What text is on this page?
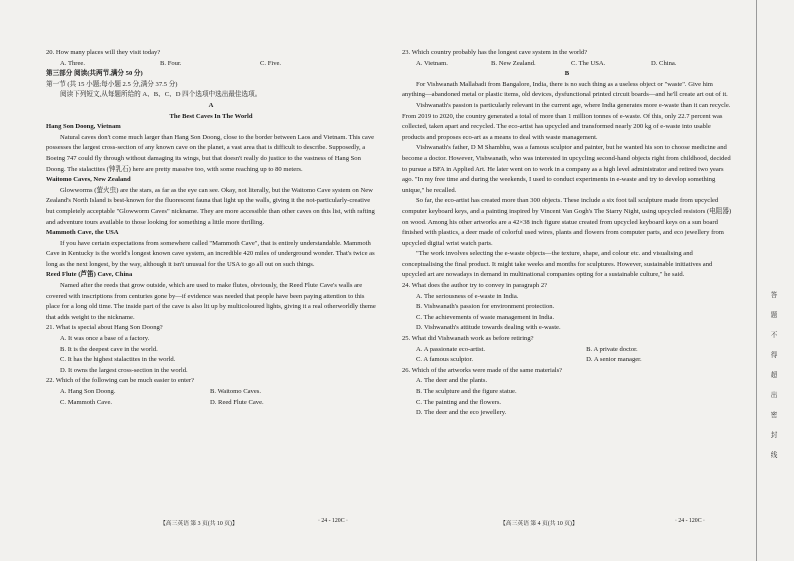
20. How many places will they visit today?

A. Three.	B. Four.	C. Five.

第三部分 阅读(共两节,满分 50 分)

第一节 (共 15 小题;每小题 2.5 分,满分 37.5 分)

阅读下列短文,从每题所给的 A、B、C、D 四个选项中选出最佳选项。

A

The Best Caves In The World

Hang Son Doong, Vietnam

Natural caves don't come much larger than Hang Son Doong, close to the border between Laos and Vietnam. This cave possesses the largest cross-section of any known cave on the planet, a vast area that is difficult to describe. Supposedly, a Boeing 747 could fly through without damaging its wings, but that doesn't really do justice to the vastness of Hang Son Doong. The stalactites (钟乳石) here are pretty massive too, with some reaching up to 80 meters.

Waitomo Caves, New Zealand

Glowworms (萤火虫) are the stars, as far as the eye can see. Okay, not literally, but the Waitomo Cave system on New Zealand's North Island is best-known for the fluorescent fauna that light up the walls, giving it the not-particularly-creative but completely acceptable "Glowworm Caves" nickname. They are more accessible than other caves on this list, with rafting and adventure tours available to those looking for something a little more thrilling.

Mammoth Cave, the USA

If you have certain expectations from somewhere called "Mammoth Cave", that is entirely understandable. Mammoth Cave in Kentucky is the world's longest known cave system, an incredible 420 miles of underground wonder. That's twice as long as the next longest, by the way, although it isn't unusual for the USA to go all out on such things.

Reed Flute (芦笛) Cave, China

Named after the reeds that grow outside, which are used to make flutes, obviously, the Reed Flute Cave's walls are covered with inscriptions from centuries gone by—if evidence was needed that people have been paying attention to this place for a long old time. The inside part of the cave is also lit up by multicoloured lights, giving it a real otherworldly theme that adds weight to the nickname.

21. What is special about Hang Son Doong?

A. It was once a base of a factory.

B. It is the deepest cave in the world.

C. It has the highest stalactites in the world.

D. It owns the largest cross-section in the world.

22. Which of the following can be much easier to enter?

A. Hang Son Doong.	B. Waitomo Caves.
C. Mammoth Cave.	D. Reed Flute Cave.

23. Which country probably has the longest cave system in the world?

A. Vietnam.	B. New Zealand.	C. The USA.	D. China.

B

For Vishwanath Mallabadi from Bangalore, India, there is no such thing as a useless object or "waste". Give him anything—abandoned metal or plastic items, old devices, dysfunctional printed circuit boards—and he'll create art out of it.

Vishwanath's passion is particularly relevant in the current age, where India generates more e-waste than it can recycle. From 2019 to 2020, the country generated a total of more than 1 million tonnes of e-waste. Of this, only 22.7 percent was collected, taken apart and recycled. The eco-artist has upcycled and transformed nearly 200 kg of e-waste into usable products and proposes eco-art as a means to deal with waste management.

Vishwanath's father, D M Shambhu, was a famous sculptor and painter, but he wanted his son to choose medicine and become a doctor. However, Vishwanath, who was interested in upcycling second-hand objects right from childhood, decided to pursue a BFA in Applied Art. He later went on to work in a company as a high level administrator and retired two years ago. "In my free time and during the weekends, I used to conduct experiments in e-waste and try to develop something unique," he recalled.

So far, the eco-artist has created more than 300 objects. These include a six foot tall sculpture made from upcycled computer keyboard keys, and a painting inspired by Vincent Van Gogh's The Starry Night, using upcycled resistors (电阻器) on wood. Among his other artworks are a 42×38 inch figure statue created from upcycled keyboard keys on a sun board finished with plastics, a deer made of colorful used wires, plants and flowers from computer parts, and eco jewellery from upcycled digital wrist watch parts.

"The work involves selecting the e-waste objects—the texture, shape, and colour etc. and visualising and conceptualising the final product. It might take weeks and months for sculptures. However, sustainable initiatives and upcycled art are nowadays in demand in multinational companies opting for a sustainable culture," he said.

24. What does the author try to convey in paragraph 2?

A. The seriousness of e-waste in India.

B. Vishwanath's passion for environment protection.

C. The achievements of waste management in India.

D. Vishwanath's attitude towards dealing with e-waste.

25. What did Vishwanath work as before retiring?

A. A passionate eco-artist.	B. A private doctor.
C. A famous sculptor.	D. A senior manager.

26. Which of the artworks were made of the same materials?

A. The deer and the plants.

B. The sculpture and the figure statue.

C. The painting and the flowers.

D. The deer and the eco jewellery.

【高三英语 第 3 页(共 10 页)】	· 24 - 120C ·	【高三英语 第 4 页(共 10 页)】	· 24 - 120C ·
答
题
不
得
超
出
密
封
线
